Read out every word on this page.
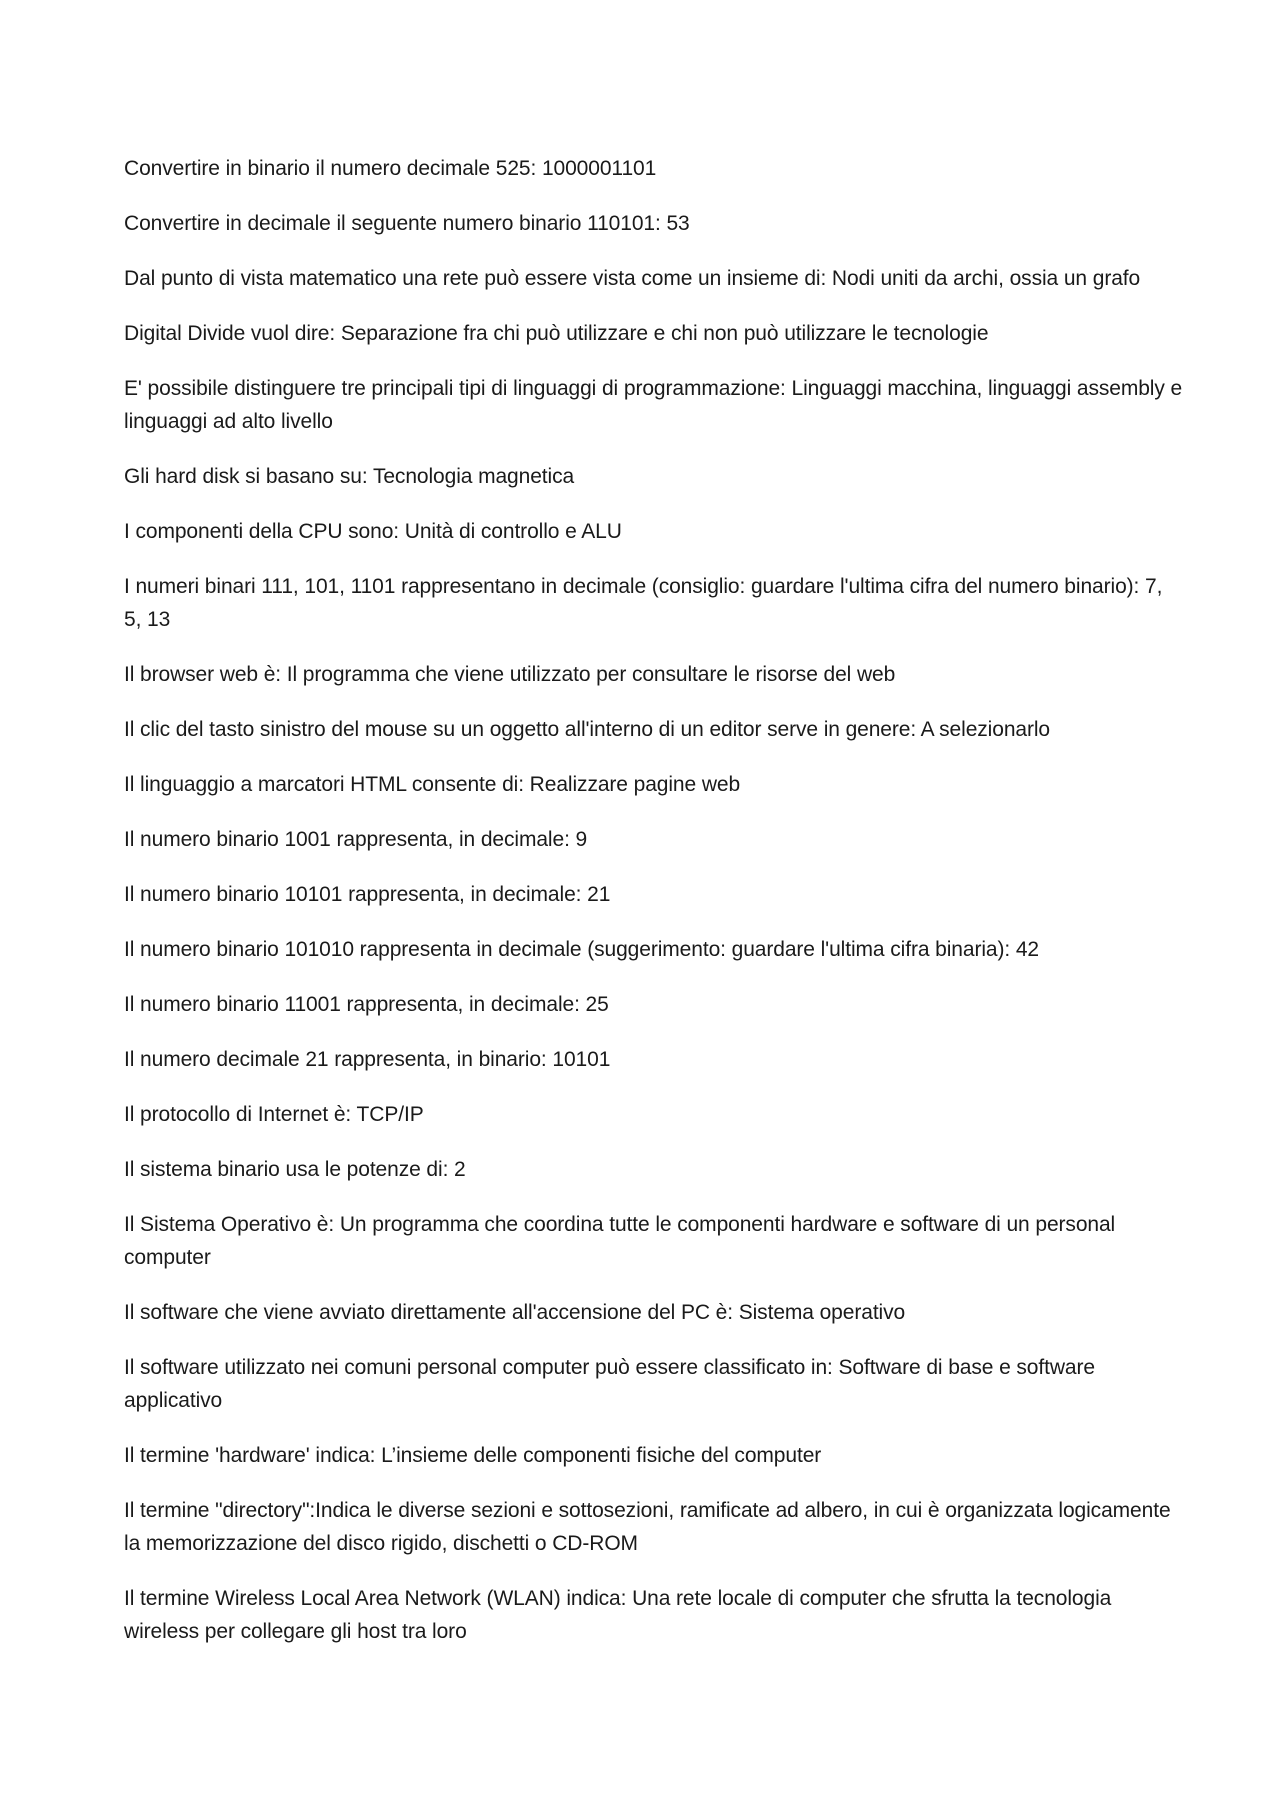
Convertire in binario il numero decimale 525: 1000001101

Convertire in decimale il seguente numero binario 110101: 53

Dal punto di vista matematico una rete può essere vista come un insieme di: Nodi uniti da archi, ossia un grafo

Digital Divide vuol dire: Separazione fra chi può utilizzare e chi non può utilizzare le tecnologie

E' possibile distinguere tre principali tipi di linguaggi di programmazione: Linguaggi macchina, linguaggi assembly e linguaggi ad alto livello

Gli hard disk si basano su: Tecnologia magnetica

I componenti della CPU sono: Unità di controllo e ALU

I numeri binari 111, 101, 1101 rappresentano in decimale (consiglio: guardare l'ultima cifra del numero binario): 7, 5, 13

Il browser web è: Il programma che viene utilizzato per consultare le risorse del web

Il clic del tasto sinistro del mouse su un oggetto all'interno di un editor serve in genere: A selezionarlo

Il linguaggio a marcatori HTML consente di: Realizzare pagine web

Il numero binario 1001 rappresenta, in decimale: 9

Il numero binario 10101 rappresenta, in decimale: 21

Il numero binario 101010 rappresenta in decimale (suggerimento: guardare l'ultima cifra binaria): 42

Il numero binario 11001 rappresenta, in decimale: 25

Il numero decimale 21 rappresenta, in binario: 10101

Il protocollo di Internet è: TCP/IP

Il sistema binario usa le potenze di: 2

Il Sistema Operativo è: Un programma che coordina tutte le componenti hardware e software di un personal computer

Il software che viene avviato direttamente all'accensione del PC è: Sistema operativo

Il software utilizzato nei comuni personal computer può essere classificato in: Software di base e software applicativo

Il termine 'hardware' indica: L’insieme delle componenti fisiche del computer

Il termine "directory":Indica le diverse sezioni e sottosezioni, ramificate ad albero, in cui è organizzata logicamente la memorizzazione del disco rigido, dischetti o CD-ROM

Il termine Wireless Local Area Network (WLAN) indica: Una rete locale di computer che sfrutta la tecnologia wireless per collegare gli host tra loro
